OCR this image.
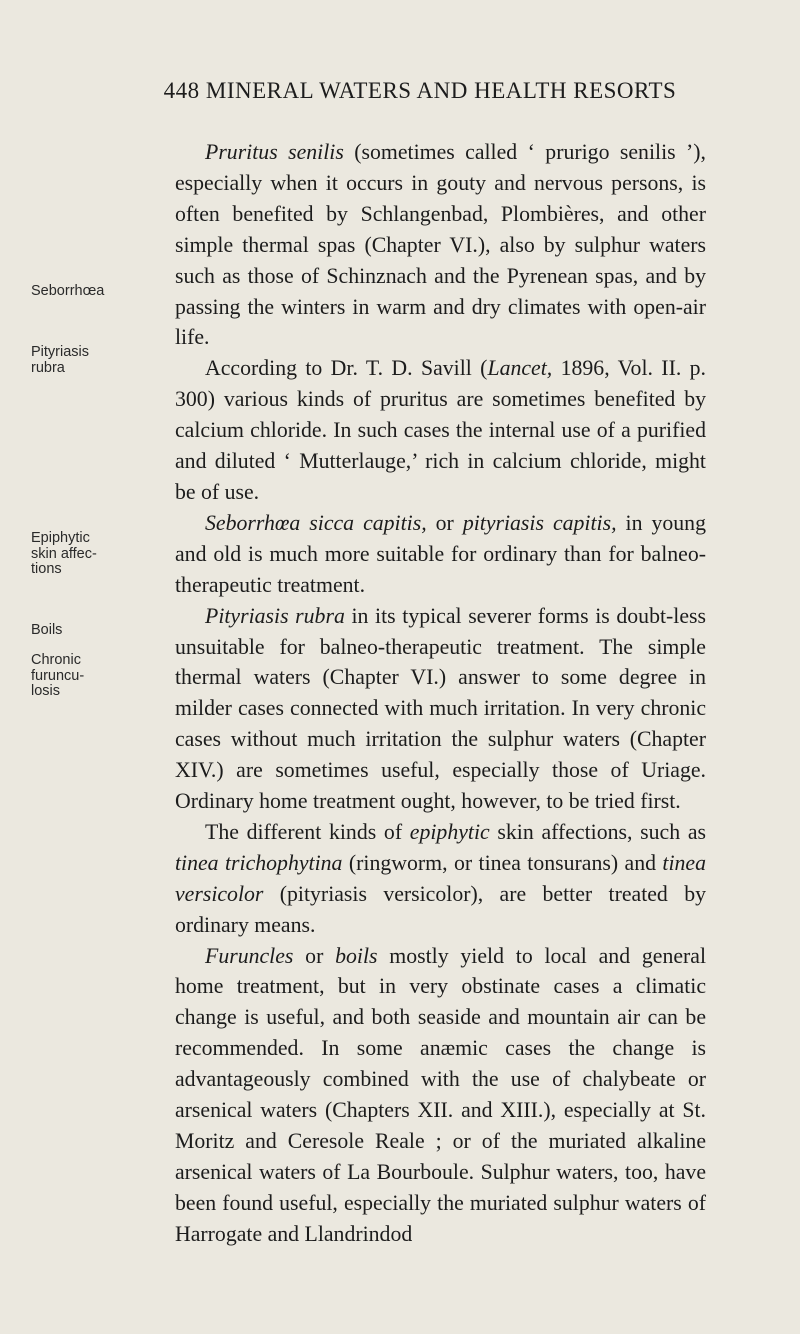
448 MINERAL WATERS AND HEALTH RESORTS
Seborrhœa
Pityriasis rubra
Epiphytic skin affec- tions
Boils
Chronic furuncu- losis

Pruritus senilis (sometimes called ‘ prurigo senilis ’), especially when it occurs in gouty and nervous persons, is often benefited by Schlangenbad, Plombières, and other simple thermal spas (Chapter VI.), also by sulphur waters such as those of Schinznach and the Pyrenean spas, and by passing the winters in warm and dry climates with open-air life.

According to Dr. T. D. Savill (Lancet, 1896, Vol. II. p. 300) various kinds of pruritus are sometimes benefited by calcium chloride. In such cases the internal use of a purified and diluted ‘ Mutterlauge,’ rich in calcium chloride, might be of use.

Seborrhœa sicca capitis, or pityriasis capitis, in young and old is much more suitable for ordinary than for balneo-therapeutic treatment.

Pityriasis rubra in its typical severer forms is doubt-less unsuitable for balneo-therapeutic treatment. The simple thermal waters (Chapter VI.) answer to some degree in milder cases connected with much irritation. In very chronic cases without much irritation the sulphur waters (Chapter XIV.) are sometimes useful, especially those of Uriage. Ordinary home treatment ought, however, to be tried first.

The different kinds of epiphytic skin affections, such as tinea trichophytina (ringworm, or tinea tonsurans) and tinea versicolor (pityriasis versicolor), are better treated by ordinary means.

Furuncles or boils mostly yield to local and general home treatment, but in very obstinate cases a climatic change is useful, and both seaside and mountain air can be recommended. In some anæmic cases the change is advantageously combined with the use of chalybeate or arsenical waters (Chapters XII. and XIII.), especially at St. Moritz and Ceresole Reale ; or of the muriated alkaline arsenical waters of La Bourboule. Sulphur waters, too, have been found useful, especially the muriated sulphur waters of Harrogate and Llandrindod
